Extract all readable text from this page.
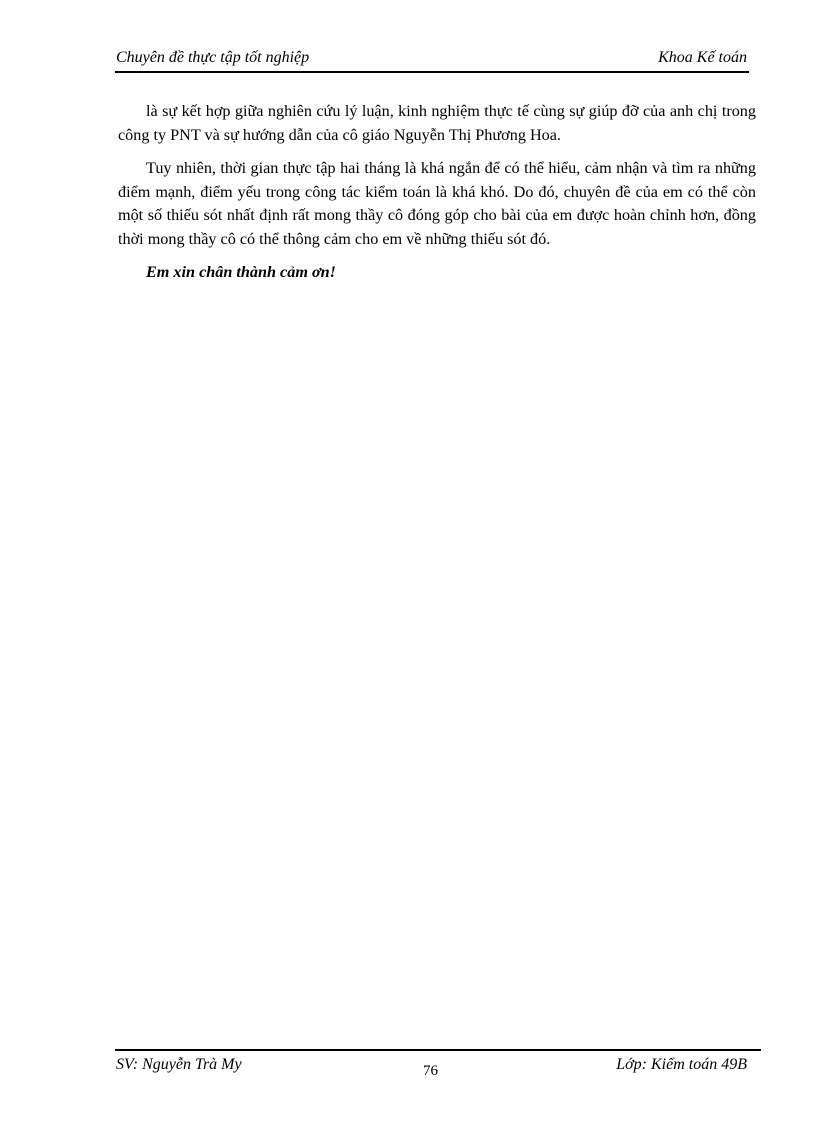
Chuyên đề thực tập tốt nghiệp	Khoa Kế toán

là sự kết hợp giữa nghiên cứu lý luận, kinh nghiệm thực tế cùng sự giúp đỡ của anh chị trong công ty PNT và sự hướng dẫn của cô giáo Nguyễn Thị Phương Hoa.

Tuy nhiên, thời gian thực tập hai tháng là khá ngắn để có thể hiểu, cảm nhận và tìm ra những điểm mạnh, điểm yếu trong công tác kiểm toán là khá khó. Do đó, chuyên đề của em có thể còn một số thiếu sót nhất định rất mong thầy cô đóng góp cho bài của em được hoàn chỉnh hơn, đồng thời mong thầy cô có thể thông cảm cho em về những thiếu sót đó.

Em xin chân thành cảm ơn!

SV: Nguyễn Trà My	76	Lớp: Kiểm toán 49B
